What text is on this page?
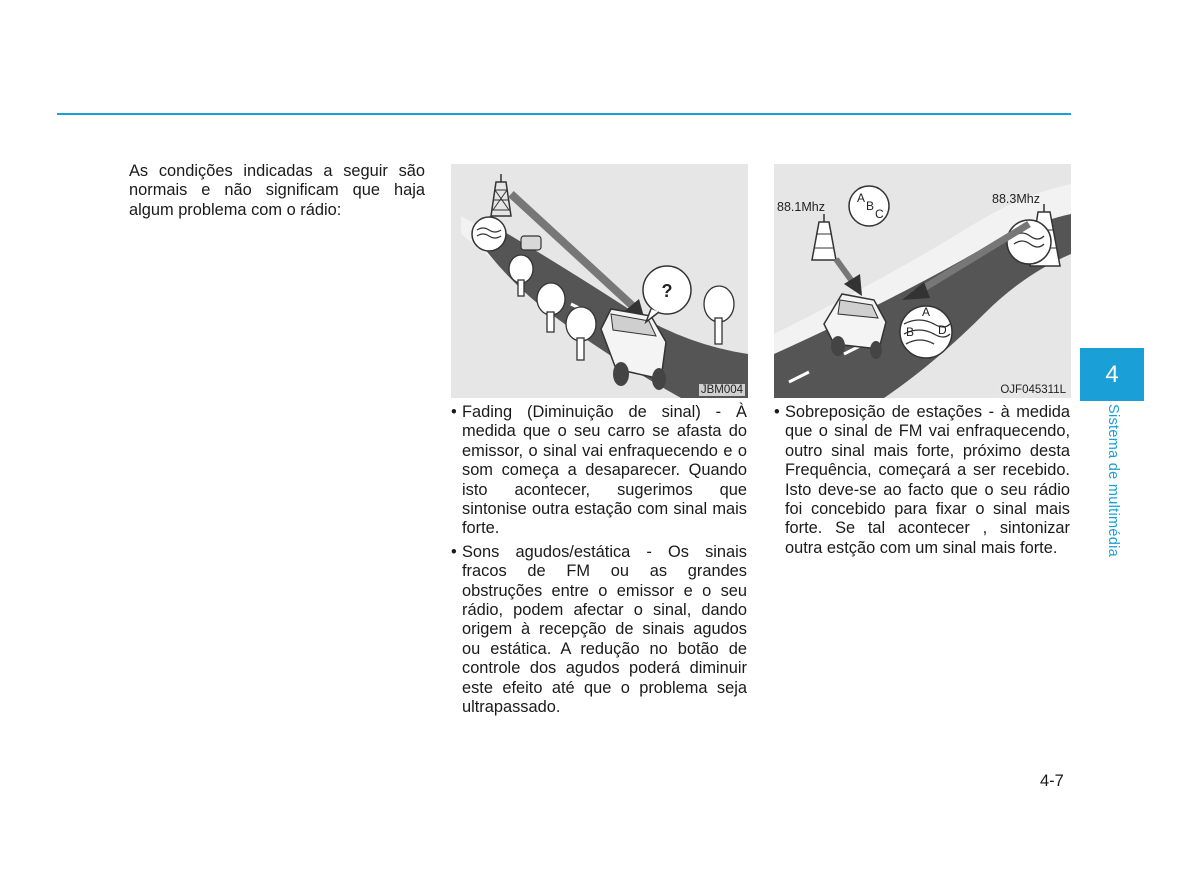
As condições indicadas a seguir são normais e não significam que haja algum problema com o rádio:

?
JBM004
88.1Mhz
A
B
C
88.3Mhz
A
B D
OJF045311L
• Fading (Diminuição de sinal) - À medida que o seu carro se afasta do emissor, o sinal vai enfraquecendo e o som começa a desaparecer. Quando isto acontecer, sugerimos que sintonise outra estação com sinal mais forte.
• Sons agudos/estática - Os sinais fracos de FM ou as grandes obstruções entre o emissor e o seu rádio, podem afectar o sinal, dando origem à recepção de sinais agudos ou estática. A redução no botão de controle dos agudos poderá diminuir este efeito até que o problema seja ultrapassado.
• Sobreposição de estações - à medida que o sinal de FM vai enfraquecendo, outro sinal mais forte, próximo desta Frequência, começará a ser recebido. Isto deve-se ao facto que o seu rádio foi concebido para fixar o sinal mais forte. Se tal acontecer , sintonizar outra estção com um sinal mais forte.
4
Sistema de multimédia
4-7
